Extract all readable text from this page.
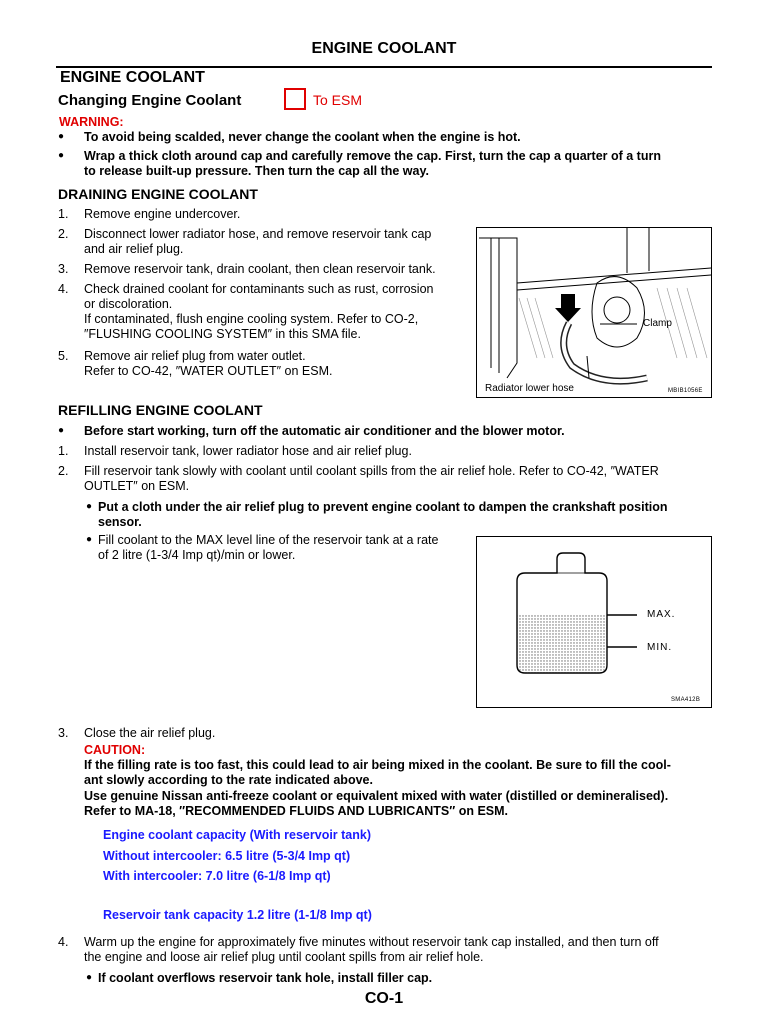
ENGINE COOLANT
ENGINE COOLANT
Changing Engine Coolant	To ESM
WARNING:
● To avoid being scalded, never change the coolant when the engine is hot.
● Wrap a thick cloth around cap and carefully remove the cap. First, turn the cap a quarter of a turn
to release built-up pressure. Then turn the cap all the way.
DRAINING ENGINE COOLANT
1. Remove engine undercover.
2. Disconnect lower radiator hose, and remove reservoir tank cap
and air relief plug.
3. Remove reservoir tank, drain coolant, then clean reservoir tank.
4. Check drained coolant for contaminants such as rust, corrosion
or discoloration.
If contaminated, flush engine cooling system. Refer to CO-2,
″FLUSHING COOLING SYSTEM″ in this SMA file.
5. Remove air relief plug from water outlet.
Refer to CO-42, ″WATER OUTLET″ on ESM.
Clamp
Radiator lower hose	MBIB1056E
REFILLING ENGINE COOLANT
● Before start working, turn off the automatic air conditioner and the blower motor.
1. Install reservoir tank, lower radiator hose and air relief plug.
2. Fill reservoir tank slowly with coolant until coolant spills from the air relief hole. Refer to CO-42, ″WATER
OUTLET″ on ESM.
● Put a cloth under the air relief plug to prevent engine coolant to dampen the crankshaft position
sensor.
● Fill coolant to the MAX level line of the reservoir tank at a rate
of 2 litre (1-3/4 Imp qt)/min or lower.
MAX.
MIN.
SMA412B
3. Close the air relief plug.
CAUTION:
If the filling rate is too fast, this could lead to air being mixed in the coolant. Be sure to fill the cool-
ant slowly according to the rate indicated above.
Use genuine Nissan anti-freeze coolant or equivalent mixed with water (distilled or demineralised).
Refer to MA-18, ″RECOMMENDED FLUIDS AND LUBRICANTS″ on ESM.
Engine coolant capacity (With reservoir tank)
Without intercooler: 6.5 litre (5-3/4 Imp qt)
With intercooler: 7.0 litre (6-1/8 Imp qt)
Reservoir tank capacity 1.2 litre (1-1/8 Imp qt)
4. Warm up the engine for approximately five minutes without reservoir tank cap installed, and then turn off
the engine and loose air relief plug until coolant spills from air relief hole.
● If coolant overflows reservoir tank hole, install filler cap.
CO-1
